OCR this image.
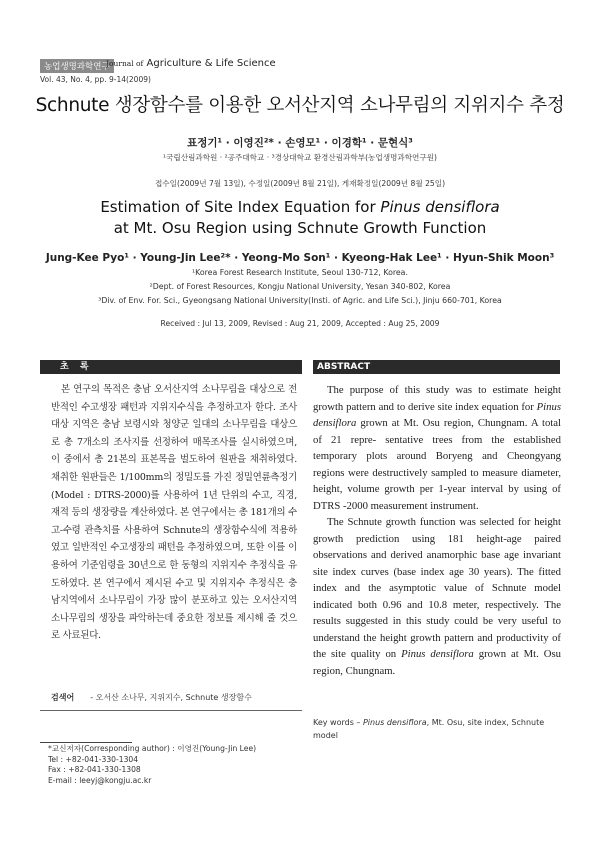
농업생명과학연구
Journal of Agriculture & Life Science
Vol. 43, No. 4, pp. 9-14(2009)
Schnute 생장함수를 이용한 오서산지역 소나무림의 지위지수 추정
표정기¹ · 이영진²* · 손영모¹ · 이경학¹ · 문현식³
¹국립산림과학원 · ²공주대학교 · ³경상대학교 환경산림과학부(농업생명과학연구원)
접수일(2009년 7월 13일), 수정일(2009년 8월 21일), 게재확정일(2009년 8월 25일)
Estimation of Site Index Equation for Pinus densiflora
at Mt. Osu Region using Schnute Growth Function
Jung-Kee Pyo¹ · Young-Jin Lee²* · Yeong-Mo Son¹ · Kyeong-Hak Lee¹ · Hyun-Shik Moon³
¹Korea Forest Research Institute, Seoul 130-712, Korea.
²Dept. of Forest Resources, Kongju National University, Yesan 340-802, Korea
³Div. of Env. For. Sci., Gyeongsang National University(Insti. of Agric. and Life Sci.), Jinju 660-701, Korea
Received : Jul 13, 2009, Revised : Aug 21, 2009, Accepted : Aug 25, 2009
초 록	ABSTRACT
본 연구의 목적은 충남 오서산지역 소나무림을 대상으로 전반적인 수고생장 패턴과 지위지수식을 추정하고자 한다. 조사대상 지역은 충남 보령시와 청양군 일대의 소나무림을 대상으로 총 7개소의 조사지를 선정하여 매목조사를 실시하였으며, 이 중에서 총 21본의 표본목을 벌도하여 원판을 채취하였다. 채취한 원판들은 1/100mm의 정밀도를 가진 정밀연륜측정기(Model : DTRS-2000)를 사용하여 1년 단위의 수고, 직경, 재적 등의 생장량을 계산하였다. 본 연구에서는 총 181개의 수고-수령 관측치를 사용하여 Schnute의 생장함수식에 적용하였고 일반적인 수고생장의 패턴을 추정하였으며, 또한 이를 이용하여 기준임령을 30년으로 한 동형의 지위지수 추정식을 유도하였다. 본 연구에서 제시된 수고 및 지위지수 추정식은 충남지역에서 소나무림이 가장 많이 분포하고 있는 오서산지역 소나무림의 생장을 파악하는데 중요한 정보를 제시해 줄 것으로 사료된다.
검색어 - 오서산 소나무, 지위지수, Schnute 생장함수
The purpose of this study was to estimate height growth pattern and to derive site index equation for Pinus densiflora grown at Mt. Osu region, Chungnam. A total of 21 repre- sentative trees from the established temporary plots around Boryeng and Cheongyang regions were destructively sampled to measure diameter, height, volume growth per 1-year interval by using of DTRS -2000 measurement instrument.
The Schnute growth function was selected for height growth prediction using 181 height-age paired observations and derived anamorphic base age invariant site index curves (base index age 30 years). The fitted index and the asymptotic value of Schnute model indicated both 0.96 and 10.8 meter, respectively. The results suggested in this study could be very useful to understand the height growth pattern and productivity of the site quality on Pinus densiflora grown at Mt. Osu region, Chungnam.
Key words – Pinus densiflora, Mt. Osu, site index, Schnute model
*교신저자(Corresponding author) : 이영진(Young-Jin Lee)
Tel : +82-041-330-1304
Fax : +82-041-330-1308
E-mail : leeyj@kongju.ac.kr
